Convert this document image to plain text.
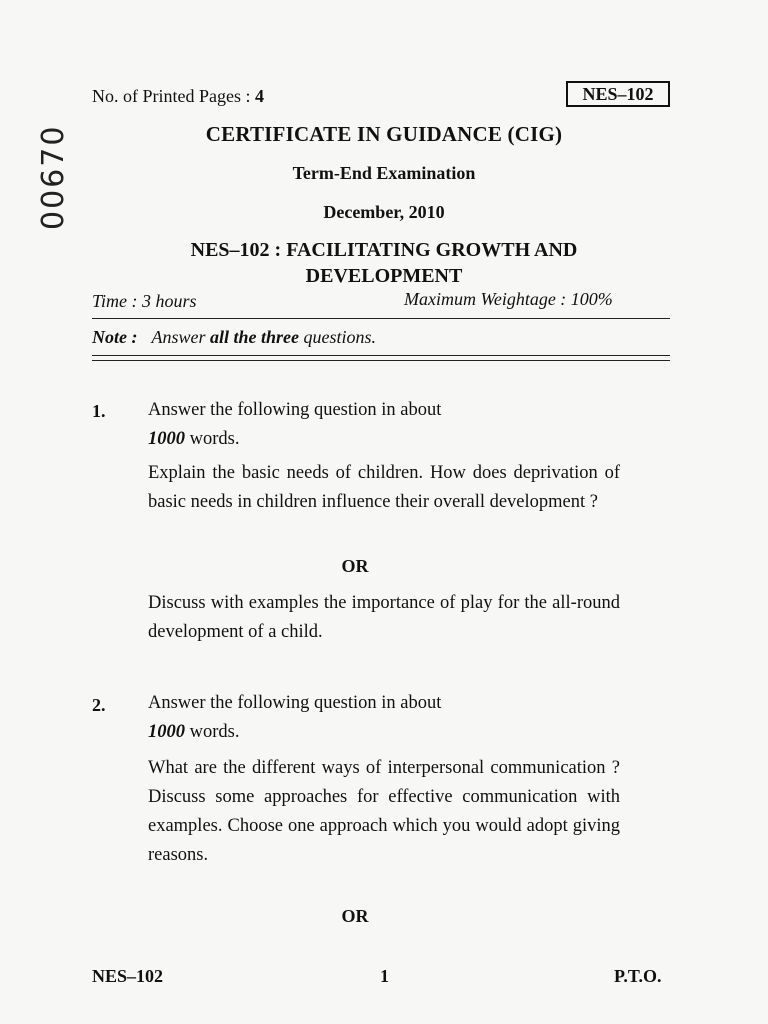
No. of Printed Pages : 4	NES–102
00670	CERTIFICATE IN GUIDANCE (CIG)
Term-End Examination
December, 2010
NES–102 : FACILITATING GROWTH AND
DEVELOPMENT
Time : 3 hours	Maximum Weightage : 100%
Note : Answer all the three questions.
1. Answer the following question in about
1000 words.
Explain the basic needs of children. How does deprivation of basic needs in children influence their overall development ?
OR
Discuss with examples the importance of play for the all-round development of a child.
2. Answer the following question in about
1000 words.
What are the different ways of interpersonal communication ? Discuss some approaches for effective communication with examples. Choose one approach which you would adopt giving reasons.
OR
NES–102	1	P.T.O.
